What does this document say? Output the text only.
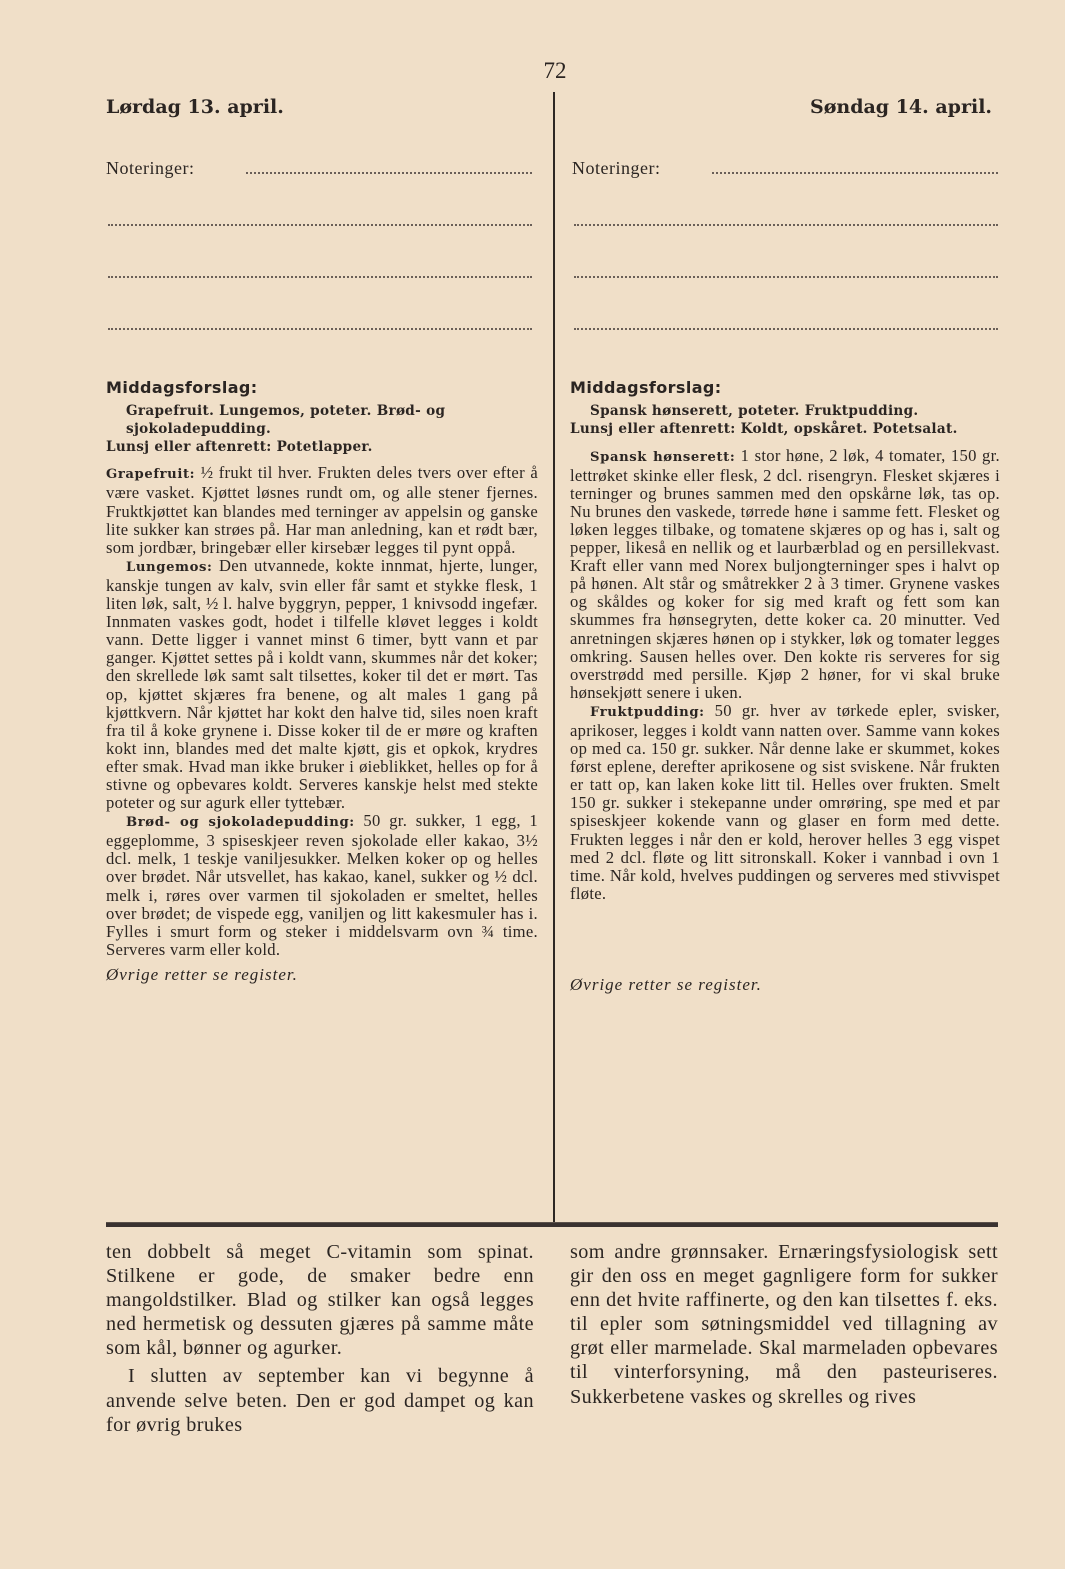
72
Lørdag 13. april.	Søndag 14. april.
Noteringer:	Noteringer:
Middagsforslag:

Grapefruit. Lungemos, poteter. Brød- og sjokoladepudding.

Lunsj eller aftenrett: Potetlapper.

Grapefruit: ½ frukt til hver. Frukten deles tvers over efter å være vasket. Kjøttet løsnes rundt om, og alle stener fjernes. Fruktkjøttet kan blandes med terninger av appelsin og ganske lite sukker kan strøes på. Har man anledning, kan et rødt bær, som jordbær, bringebær eller kirsebær legges til pynt oppå.

Lungemos: Den utvannede, kokte innmat, hjerte, lunger, kanskje tungen av kalv, svin eller får samt et stykke flesk, 1 liten løk, salt, ½ l. halve byggryn, pepper, 1 knivsodd ingefær. Innmaten vaskes godt, hodet i tilfelle kløvet legges i koldt vann. Dette ligger i vannet minst 6 timer, bytt vann et par ganger. Kjøttet settes på i koldt vann, skummes når det koker; den skrellede løk samt salt tilsettes, koker til det er mørt. Tas op, kjøttet skjæres fra benene, og alt males 1 gang på kjøttkvern. Når kjøttet har kokt den halve tid, siles noen kraft fra til å koke grynene i. Disse koker til de er møre og kraften kokt inn, blandes med det malte kjøtt, gis et opkok, krydres efter smak. Hvad man ikke bruker i øieblikket, helles op for å stivne og opbevares koldt. Serveres kanskje helst med stekte poteter og sur agurk eller tyttebær.

Brød- og sjokoladepudding: 50 gr. sukker, 1 egg, 1 eggeplomme, 3 spiseskjeer reven sjokolade eller kakao, 3½ dcl. melk, 1 teskje vaniljesukker. Melken koker op og helles over brødet. Når utsvellet, has kakao, kanel, sukker og ½ dcl. melk i, røres over varmen til sjokoladen er smeltet, helles over brødet; de vispede egg, vaniljen og litt kakesmuler has i. Fylles i smurt form og steker i middelsvarm ovn ¾ time. Serveres varm eller kold.

Øvrige retter se register.

Middagsforslag:

Spansk hønserett, poteter. Fruktpudding.

Lunsj eller aftenrett: Koldt, opskåret. Potetsalat.

Spansk hønserett: 1 stor høne, 2 løk, 4 tomater, 150 gr. lettrøket skinke eller flesk, 2 dcl. risengryn. Flesket skjæres i terninger og brunes sammen med den opskårne løk, tas op. Nu brunes den vaskede, tørrede høne i samme fett. Flesket og løken legges tilbake, og tomatene skjæres op og has i, salt og pepper, likeså en nellik og et laurbærblad og en persillekvast. Kraft eller vann med Norex buljongterninger spes i halvt op på hønen. Alt står og småtrekker 2 à 3 timer. Grynene vaskes og skåldes og koker for sig med kraft og fett som kan skummes fra hønsegryten, dette koker ca. 20 minutter. Ved anretningen skjæres hønen op i stykker, løk og tomater legges omkring. Sausen helles over. Den kokte ris serveres for sig overstrødd med persille. Kjøp 2 høner, for vi skal bruke hønsekjøtt senere i uken.

Fruktpudding: 50 gr. hver av tørkede epler, svisker, aprikoser, legges i koldt vann natten over. Samme vann kokes op med ca. 150 gr. sukker. Når denne lake er skummet, kokes først eplene, derefter aprikosene og sist sviskene. Når frukten er tatt op, kan laken koke litt til. Helles over frukten. Smelt 150 gr. sukker i stekepanne under omrøring, spe med et par spiseskjeer kokende vann og glaser en form med dette. Frukten legges i når den er kold, herover helles 3 egg vispet med 2 dcl. fløte og litt sitronskall. Koker i vannbad i ovn 1 time. Når kold, hvelves puddingen og serveres med stivvispet fløte.

Øvrige retter se register.

ten dobbelt så meget C-vitamin som spinat. Stilkene er gode, de smaker bedre enn mangoldstilker. Blad og stilker kan også legges ned hermetisk og dessuten gjæres på samme måte som kål, bønner og agurker.

I slutten av september kan vi begynne å anvende selve beten. Den er god dampet og kan for øvrig brukes

som andre grønnsaker. Ernæringsfysiologisk sett gir den oss en meget gagnligere form for sukker enn det hvite raffinerte, og den kan tilsettes f. eks. til epler som søtningsmiddel ved tillagning av grøt eller marmelade. Skal marmeladen opbevares til vinterforsyning, må den pasteuriseres. Sukkerbetene vaskes og skrelles og rives
